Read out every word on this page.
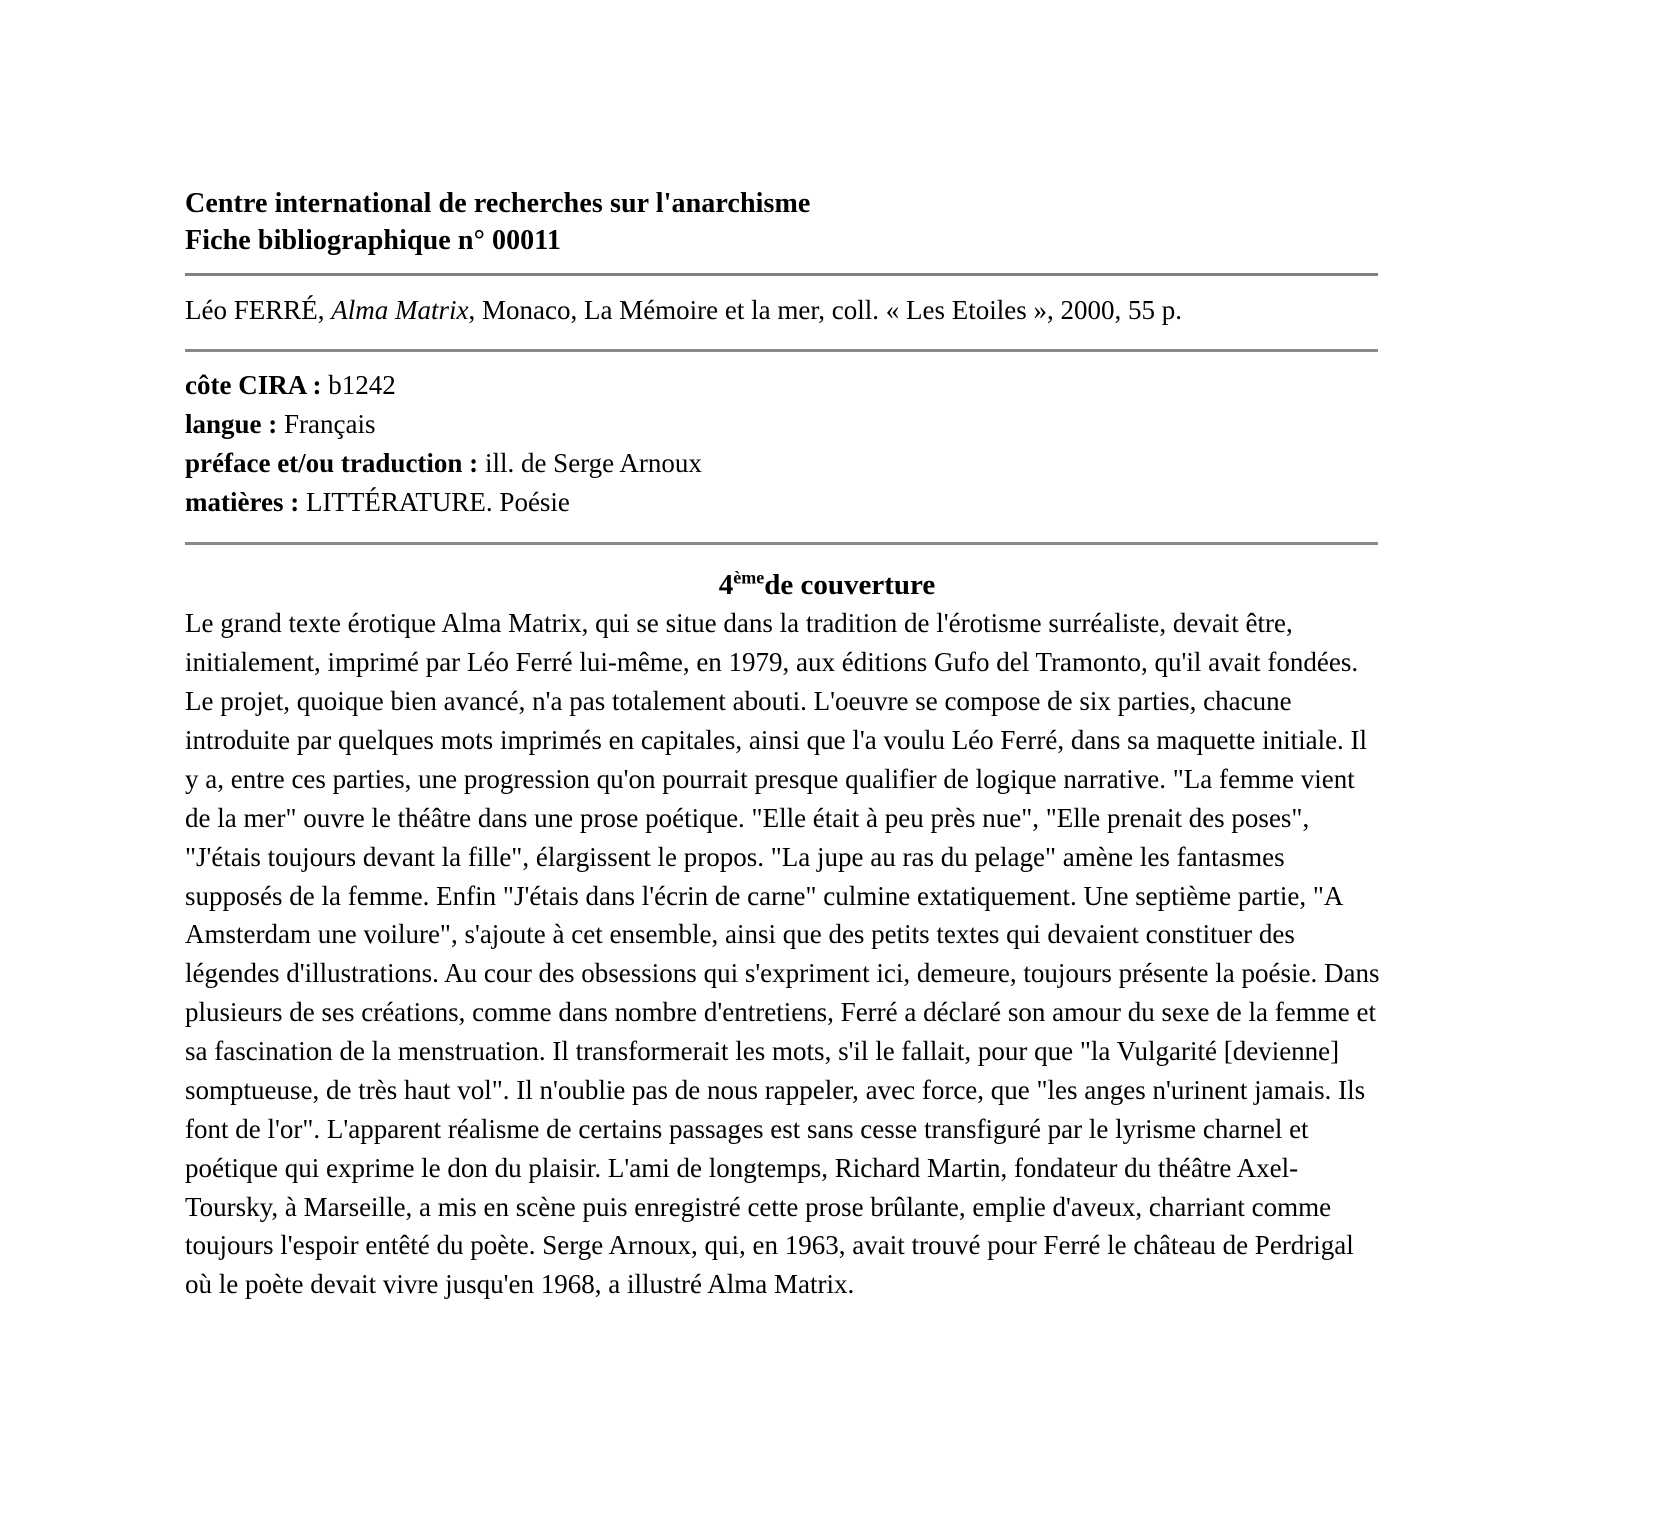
Centre international de recherches sur l'anarchisme
Fiche bibliographique n° 00011
Léo FERRÉ, Alma Matrix, Monaco, La Mémoire et la mer, coll. « Les Etoiles », 2000, 55 p.
côte CIRA : b1242
langue : Français
préface et/ou traduction : ill. de Serge Arnoux
matières : LITTÉRATURE. Poésie
4èmede couverture

Le grand texte érotique Alma Matrix, qui se situe dans la tradition de l'érotisme surréaliste, devait être, initialement, imprimé par Léo Ferré lui-même, en 1979, aux éditions Gufo del Tramonto, qu'il avait fondées. Le projet, quoique bien avancé, n'a pas totalement abouti. L'oeuvre se compose de six parties, chacune introduite par quelques mots imprimés en capitales, ainsi que l'a voulu Léo Ferré, dans sa maquette initiale. Il y a, entre ces parties, une progression qu'on pourrait presque qualifier de logique narrative. "La femme vient de la mer" ouvre le théâtre dans une prose poétique. "Elle était à peu près nue", "Elle prenait des poses", "J'étais toujours devant la fille", élargissent le propos. "La jupe au ras du pelage" amène les fantasmes supposés de la femme. Enfin "J'étais dans l'écrin de carne" culmine extatiquement. Une septième partie, "A Amsterdam une voilure", s'ajoute à cet ensemble, ainsi que des petits textes qui devaient constituer des légendes d'illustrations. Au cour des obsessions qui s'expriment ici, demeure, toujours présente la poésie. Dans plusieurs de ses créations, comme dans nombre d'entretiens, Ferré a déclaré son amour du sexe de la femme et sa fascination de la menstruation. Il transformerait les mots, s'il le fallait, pour que "la Vulgarité [devienne] somptueuse, de très haut vol". Il n'oublie pas de nous rappeler, avec force, que "les anges n'urinent jamais. Ils font de l'or". L'apparent réalisme de certains passages est sans cesse transfiguré par le lyrisme charnel et poétique qui exprime le don du plaisir. L'ami de longtemps, Richard Martin, fondateur du théâtre Axel-Toursky, à Marseille, a mis en scène puis enregistré cette prose brûlante, emplie d'aveux, charriant comme toujours l'espoir entêté du poète. Serge Arnoux, qui, en 1963, avait trouvé pour Ferré le château de Perdrigal où le poète devait vivre jusqu'en 1968, a illustré Alma Matrix.
